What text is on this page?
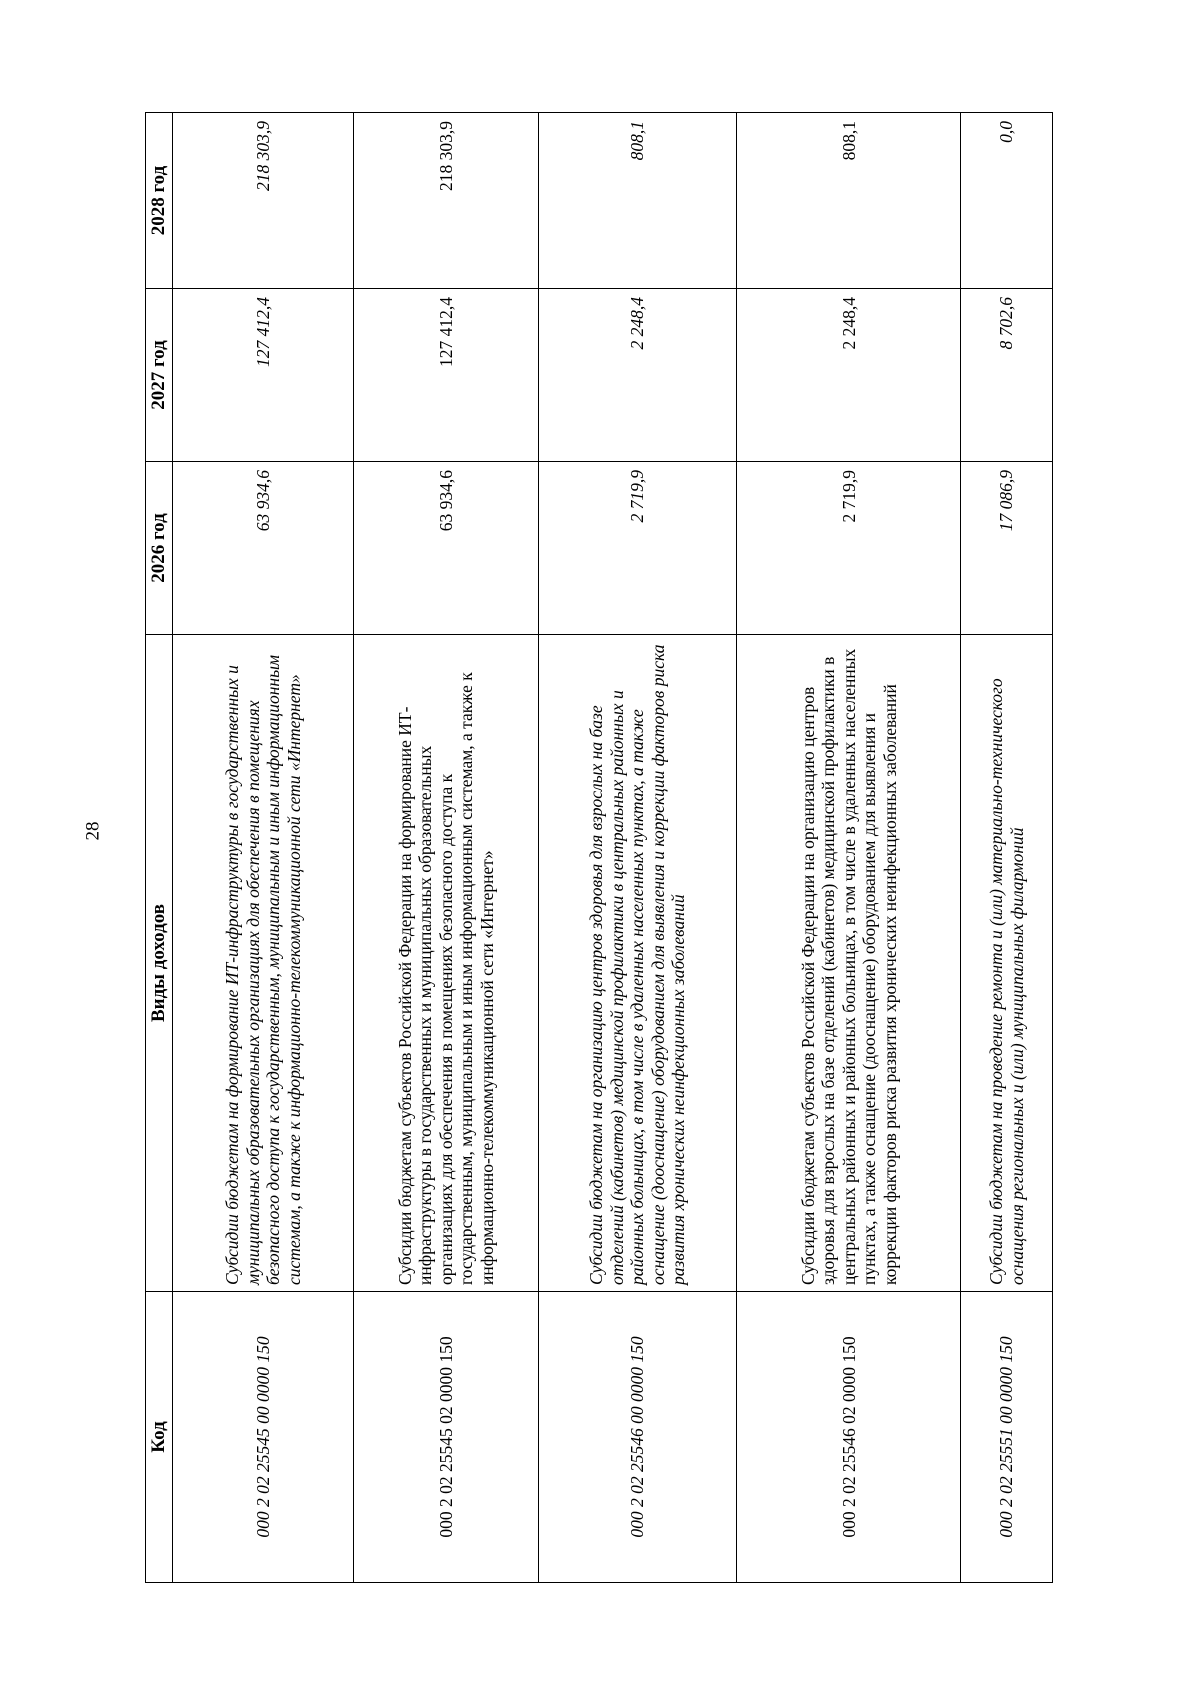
28
Код	Виды доходов	2026 год	2027 год	2028 год
000 2 02 25545 00 0000 150	Субсидии бюджетам на формирование ИТ-инфраструктуры в государственных и муниципальных образовательных организациях для обеспечения в помещениях безопасного доступа к государственным, муниципальным и иным информационным системам, а также к информационно-телекоммуникационной сети «Интернет»	63 934,6	127 412,4	218 303,9
000 2 02 25545 02 0000 150	Субсидии бюджетам субъектов Российской Федерации на формирование ИТ-инфраструктуры в государственных и муниципальных образовательных организациях для обеспечения в помещениях безопасного доступа к государственным, муниципальным и иным информационным системам, а также к информационно-телекоммуникационной сети «Интернет»	63 934,6	127 412,4	218 303,9
000 2 02 25546 00 0000 150	Субсидии бюджетам на организацию центров здоровья для взрослых на базе отделений (кабинетов) медицинской профилактики в центральных районных и районных больницах, в том числе в удаленных населенных пунктах, а также оснащение (дооснащение) оборудованием для выявления и коррекции факторов риска развития хронических неинфекционных заболеваний	2 719,9	2 248,4	808,1
000 2 02 25546 02 0000 150	Субсидии бюджетам субъектов Российской Федерации на организацию центров здоровья для взрослых на базе отделений (кабинетов) медицинской профилактики в центральных районных и районных больницах, в том числе в удаленных населенных пунктах, а также оснащение (дооснащение) оборудованием для выявления и коррекции факторов риска развития хронических неинфекционных заболеваний	2 719,9	2 248,4	808,1
000 2 02 25551 00 0000 150	Субсидии бюджетам на проведение ремонта и (или) материально-технического оснащения региональных и (или) муниципальных филармоний	17 086,9	8 702,6	0,0
